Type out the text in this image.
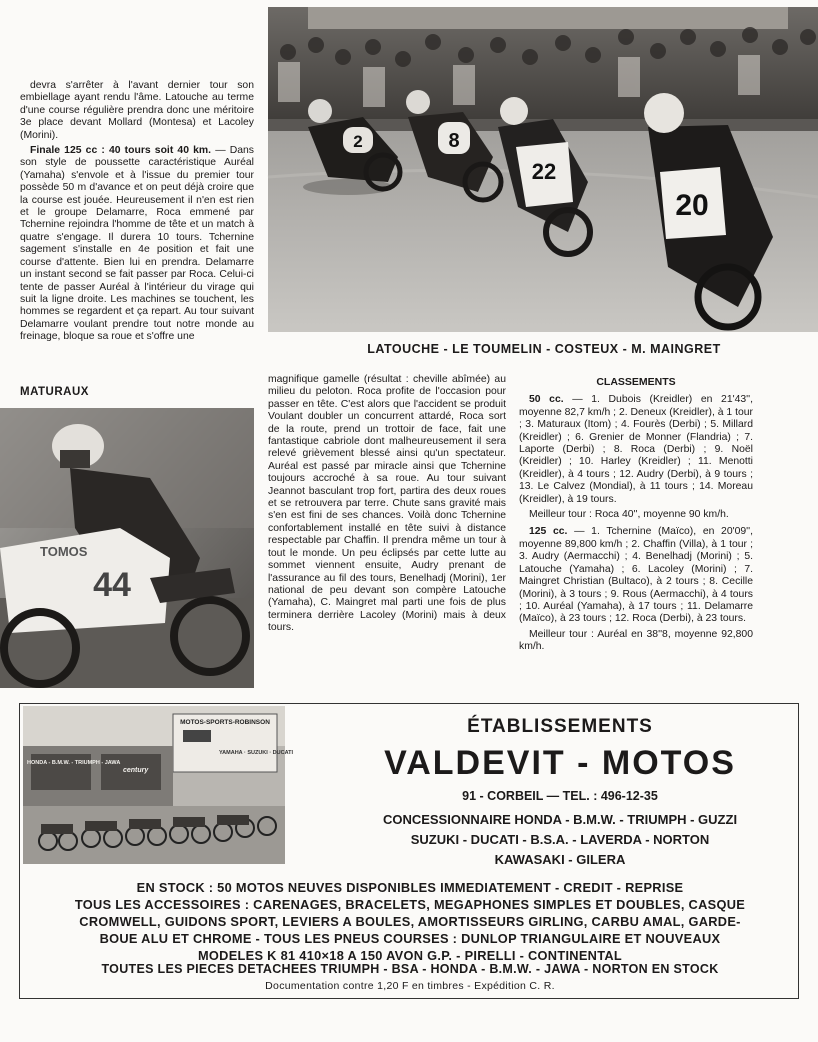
devra s'arrêter à l'avant dernier tour son embiellage ayant rendu l'âme. Latouche au terme d'une course régulière prendra donc une méritoire 3e place devant Mollard (Montesa) et Lacoley (Morini).

Finale 125 cc : 40 tours soit 40 km. — Dans son style de poussette caractéristique Auréal (Yamaha) s'envole et à l'issue du premier tour possède 50 m d'avance et on peut déjà croire que la course est jouée. Heureusement il n'en est rien et le groupe Delamarre, Roca emmené par Tchernine rejoindra l'homme de tête et un match à quatre s'engage. Il durera 10 tours. Tchernine sagement s'installe en 4e position et fait une course d'attente. Bien lui en prendra. Delamarre un instant second se fait passer par Roca. Celui-ci tente de passer Auréal à l'intérieur du virage qui suit la ligne droite. Les machines se touchent, les hommes se regardent et ça repart. Au tour suivant Delamarre voulant prendre tout notre monde au freinage, bloque sa roue et s'offre une

2	8
22
20
LATOUCHE - LE TOUMELIN - COSTEUX - M. MAINGRET
MATURAUX
TOMOS
44

magnifique gamelle (résultat : cheville abîmée) au milieu du peloton. Roca profite de l'occasion pour passer en tête. C'est alors que l'accident se produit Voulant doubler un concurrent attardé, Roca sort de la route, prend un trottoir de face, fait une fantastique cabriole dont malheureusement il sera relevé grièvement blessé ainsi qu'un spectateur. Auréal est passé par miracle ainsi que Tchernine toujours accroché à sa roue. Au tour suivant Jeannot basculant trop fort, partira des deux roues et se retrouvera par terre. Chute sans gravité mais s'en est fini de ses chances. Voilà donc Tchernine confortablement installé en tête suivi à distance respectable par Chaffin. Il prendra même un tour à tout le monde. Un peu éclipsés par cette lutte au sommet viennent ensuite, Audry prenant de l'assurance au fil des tours, Benelhadj (Morini), 1er national de peu devant son compère Latouche (Yamaha), C. Maingret mal parti une fois de plus terminera derrière Lacoley (Morini) mais à deux tours.

CLASSEMENTS

50 cc. — 1. Dubois (Kreidler) en 21'43'', moyenne 82,7 km/h ; 2. Deneux (Kreidler), à 1 tour ; 3. Maturaux (Itom) ; 4. Fourès (Derbi) ; 5. Millard (Kreidler) ; 6. Grenier de Monner (Flandria) ; 7. Laporte (Derbi) ; 8. Roca (Derbi) ; 9. Noël (Kreidler) ; 10. Harley (Kreidler) ; 11. Menotti (Kreidler), à 4 tours ; 12. Audry (Derbi), à 9 tours ; 13. Le Calvez (Mondial), à 11 tours ; 14. Moreau (Kreidler), à 19 tours.

Meilleur tour : Roca 40'', moyenne 90 km/h.

125 cc. — 1. Tchernine (Maïco), en 20'09'', moyenne 89,800 km/h ; 2. Chaffin (Villa), à 1 tour ; 3. Audry (Aermacchi) ; 4. Benelhadj (Morini) ; 5. Latouche (Yamaha) ; 6. Lacoley (Morini) ; 7. Maingret Christian (Bultaco), à 2 tours ; 8. Cecille (Morini), à 3 tours ; 9. Rous (Aermacchi), à 4 tours ; 10. Auréal (Yamaha), à 17 tours ; 11. Delamarre (Maïco), à 23 tours ; 12. Roca (Derbi), à 23 tours.

Meilleur tour : Auréal en 38''8, moyenne 92,800 km/h.

MOTOS-SPORTS-ROBINSON
YAMAHA · SUZUKI · DUCATI
HONDA - B.M.W. - TRIUMPH - JAWA
century
ÉTABLISSEMENTS
VALDEVIT - MOTOS
91 - CORBEIL — TEL. : 496-12-35
CONCESSIONNAIRE HONDA - B.M.W. - TRIUMPH - GUZZI
SUZUKI - DUCATI - B.S.A. - LAVERDA - NORTON
KAWASAKI - GILERA
EN STOCK : 50 MOTOS NEUVES DISPONIBLES IMMEDIATEMENT - CREDIT - REPRISE
TOUS LES ACCESSOIRES : CARENAGES, BRACELETS, MEGAPHONES SIMPLES ET DOUBLES, CASQUE
CROMWELL, GUIDONS SPORT, LEVIERS A BOULES, AMORTISSEURS GIRLING, CARBU AMAL, GARDE-
BOUE ALU ET CHROME - TOUS LES PNEUS COURSES : DUNLOP TRIANGULAIRE ET NOUVEAUX
MODELES K 81 410×18 A 150 AVON G.P. - PIRELLI - CONTINENTAL
TOUTES LES PIECES DETACHEES TRIUMPH - BSA - HONDA - B.M.W. - JAWA - NORTON EN STOCK
Documentation contre 1,20 F en timbres - Expédition C. R.
